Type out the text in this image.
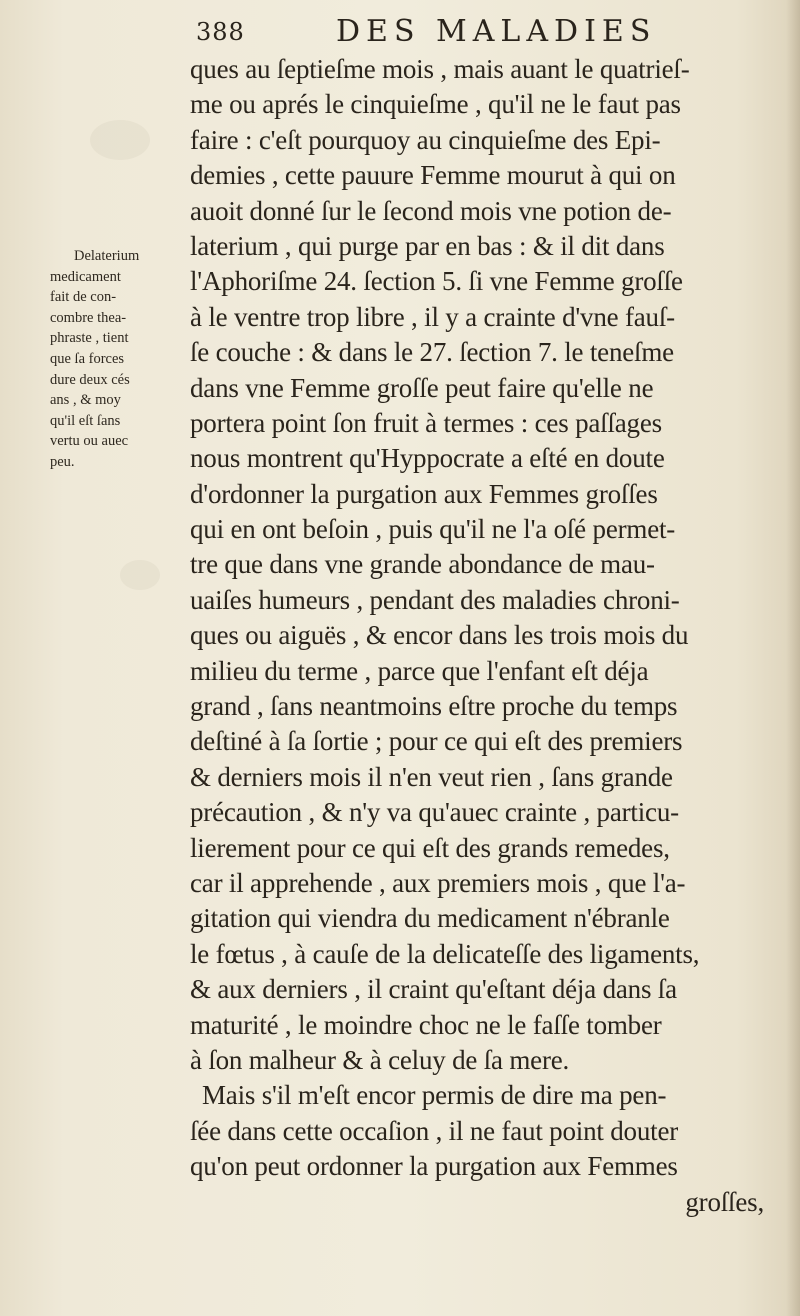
388	DES MALADIES
Delaterium
medicament
fait de con-
combre thea-
phraste , tient
que ſa forces
dure deux cés
ans , & moy
qu'il eſt ſans
vertu ou auec
peu.
ques au ſeptieſme mois , mais auant le quatrieſ-
me ou aprés le cinquieſme , qu'il ne le faut pas
faire : c'eſt pourquoy au cinquieſme des Epi-
demies , cette pauure Femme mourut à qui on
auoit donné ſur le ſecond mois vne potion de-
laterium , qui purge par en bas : & il dit dans
l'Aphoriſme 24. ſection 5. ſi vne Femme groſſe
à le ventre trop libre , il y a crainte d'vne fauſ-
ſe couche : & dans le 27. ſection 7. le teneſme
dans vne Femme groſſe peut faire qu'elle ne
portera point ſon fruit à termes : ces paſſages
nous montrent qu'Hyppocrate a eſté en doute
d'ordonner la purgation aux Femmes groſſes
qui en ont beſoin , puis qu'il ne l'a oſé permet-
tre que dans vne grande abondance de mau-
uaiſes humeurs , pendant des maladies chroni-
ques ou aiguës , & encor dans les trois mois du
milieu du terme , parce que l'enfant eſt déja
grand , ſans neantmoins eſtre proche du temps
deſtiné à ſa ſortie ; pour ce qui eſt des premiers
& derniers mois il n'en veut rien , ſans grande
précaution , & n'y va qu'auec crainte , particu-
lierement pour ce qui eſt des grands remedes,
car il apprehende , aux premiers mois , que l'a-
gitation qui viendra du medicament n'ébranle
le fœtus , à cauſe de la delicateſſe des ligaments,
& aux derniers , il craint qu'eſtant déja dans ſa
maturité , le moindre choc ne le faſſe tomber
à ſon malheur & à celuy de ſa mere.
Mais s'il m'eſt encor permis de dire ma pen-
ſée dans cette occaſion , il ne faut point douter
qu'on peut ordonner la purgation aux Femmes
groſſes,
